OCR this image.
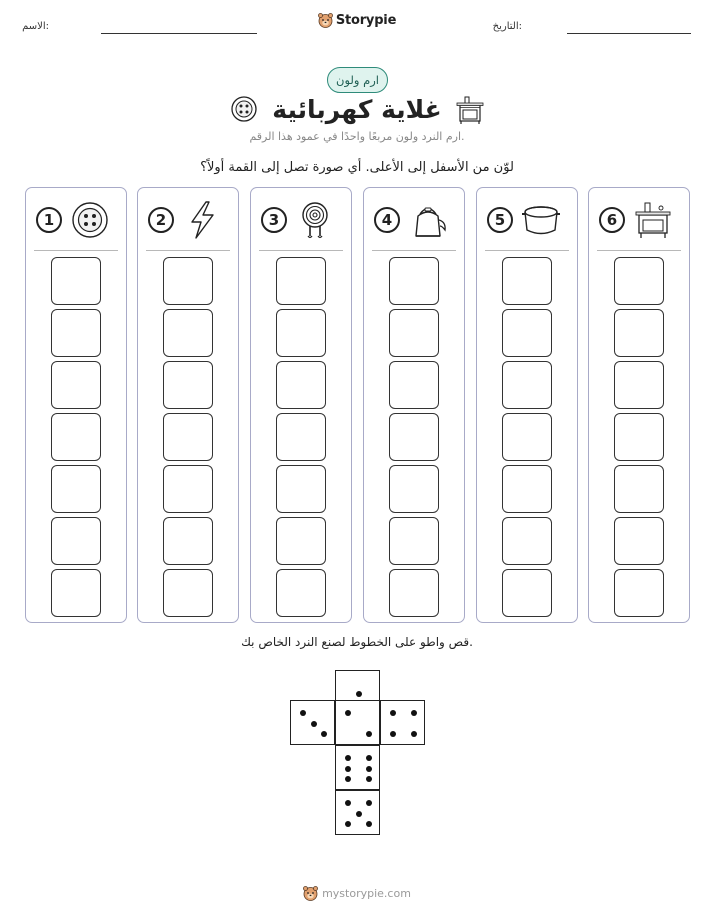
التاريخ:
الاسم:	Storypie
ارم ولون
غلاية كهربائية
ارم النرد ولون مربعًا واحدًا في عمود هذا الرقم.
لوّن من الأسفل إلى الأعلى. أي صورة تصل إلى القمة أولاً؟
1	2	3	4	5	6
قص واطو على الخطوط لصنع النرد الخاص بك.
mystorypie.com
